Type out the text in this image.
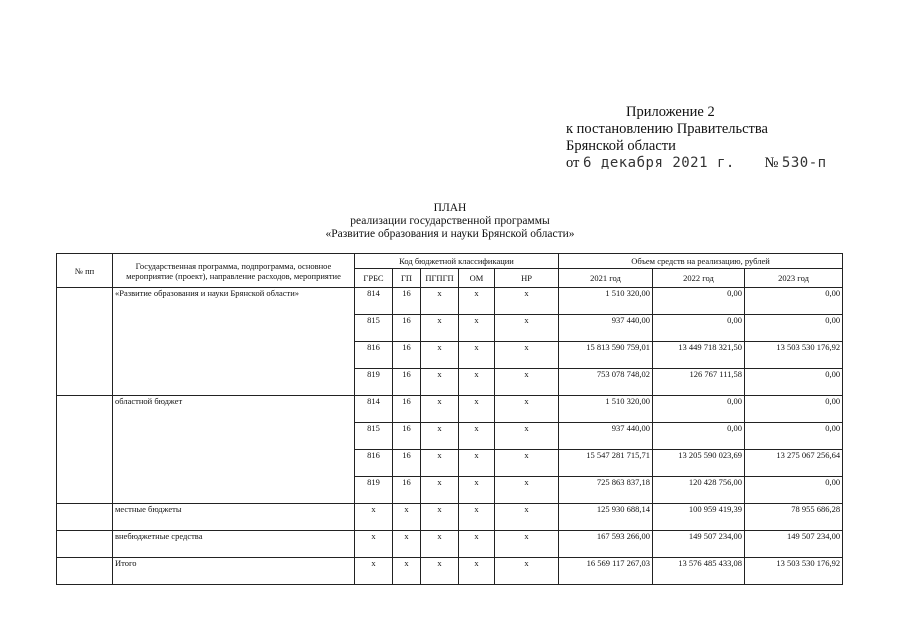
Приложение 2
к постановлению Правительства
Брянской области
от 6 декабря 2021 г. № 530-п
ПЛАН
реализации государственной программы
«Развитие образования и науки Брянской области»
№ пп	Государственная программа, подпрограмма, основное мероприятие (проект), направление расходов, мероприятие	Код бюджетной классификации					Объем средств на реализацию, рублей		
		ГРБС	ГП	ПГПГП	ОМ	НР	2021 год	2022 год	2023 год
	«Развитие образования и науки Брянской области»	814	16	х	х	х	1 510 320,00	0,00	0,00
		815	16	х	х	х	937 440,00	0,00	0,00
		816	16	х	х	х	15 813 590 759,01	13 449 718 321,50	13 503 530 176,92
		819	16	х	х	х	753 078 748,02	126 767 111,58	0,00
	областной бюджет	814	16	х	х	х	1 510 320,00	0,00	0,00
		815	16	х	х	х	937 440,00	0,00	0,00
		816	16	х	х	х	15 547 281 715,71	13 205 590 023,69	13 275 067 256,64
		819	16	х	х	х	725 863 837,18	120 428 756,00	0,00
	местные бюджеты	х	х	х	х	х	125 930 688,14	100 959 419,39	78 955 686,28
	внебюджетные средства	х	х	х	х	х	167 593 266,00	149 507 234,00	149 507 234,00
	Итого	х	х	х	х	х	16 569 117 267,03	13 576 485 433,08	13 503 530 176,92
